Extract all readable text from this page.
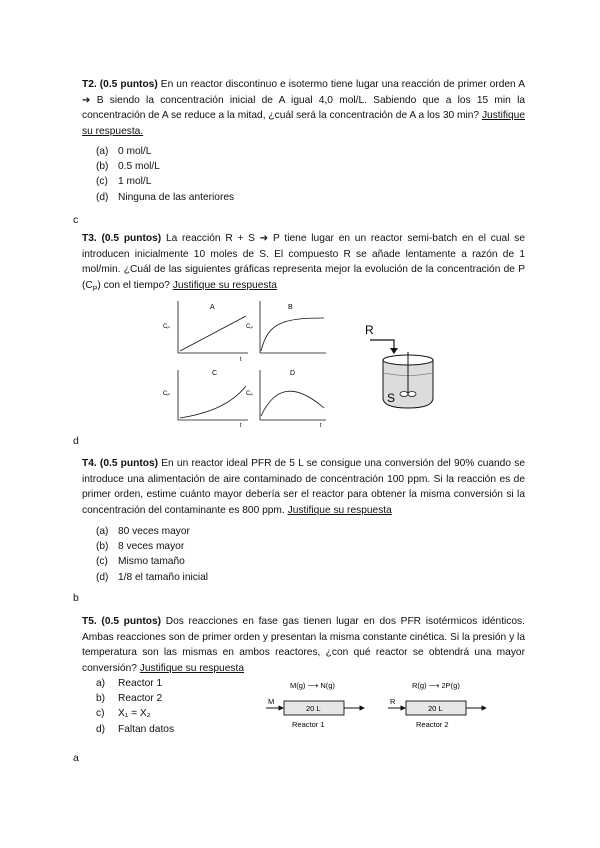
T2. (0.5 puntos) En un reactor discontinuo e isotermo tiene lugar una reacción de primer orden A ➔ B siendo la concentración inicial de A igual 4,0 mol/L. Sabiendo que a los 15 min la concentración de A se reduce a la mitad, ¿cuál será la concentración de A a los 30 min? Justifique su respuesta.
(a) 0 mol/L
(b) 0.5 mol/L
(c) 1 mol/L
(d) Ninguna de las anteriores
c
T3. (0.5 puntos) La reacción R + S ➔ P tiene lugar en un reactor semi-batch en el cual se introducen inicialmente 10 moles de S. El compuesto R se añade lentamente a razón de 1 mol/min. ¿Cuál de las siguientes gráficas representa mejor la evolución de la concentración de P $(C_P)$ con el tiempo? Justifique su respuesta
A
CP
t
B
CP
C
CP
t
D
CP
t
R
S
d
T4. (0.5 puntos) En un reactor ideal PFR de 5 L se consigue una conversión del 90% cuando se introduce una alimentación de aire contaminado de concentración 100 ppm. Si la reacción es de primer orden, estime cuánto mayor debería ser el reactor para obtener la misma conversión si la concentración del contaminante es 800 ppm. Justifique su respuesta
(a) 80 veces mayor
(b) 8 veces mayor
(c) Mismo tamaño
(d) 1/8 el tamaño inicial
b
T5. (0.5 puntos) Dos reacciones en fase gas tienen lugar en dos PFR isotérmicos idénticos. Ambas reacciones son de primer orden y presentan la misma constante cinética. Si la presión y la temperatura son las mismas en ambos reactores, ¿con qué reactor se obtendrá una mayor conversión? Justifique su respuesta
a) Reactor 1
b) Reactor 2
c) X₁ = X₂
d) Faltan datos
M(g) ⟶ N(g)
M
20 L
Reactor 1
R(g) ⟶ 2P(g)
R
20 L
Reactor 2
a
